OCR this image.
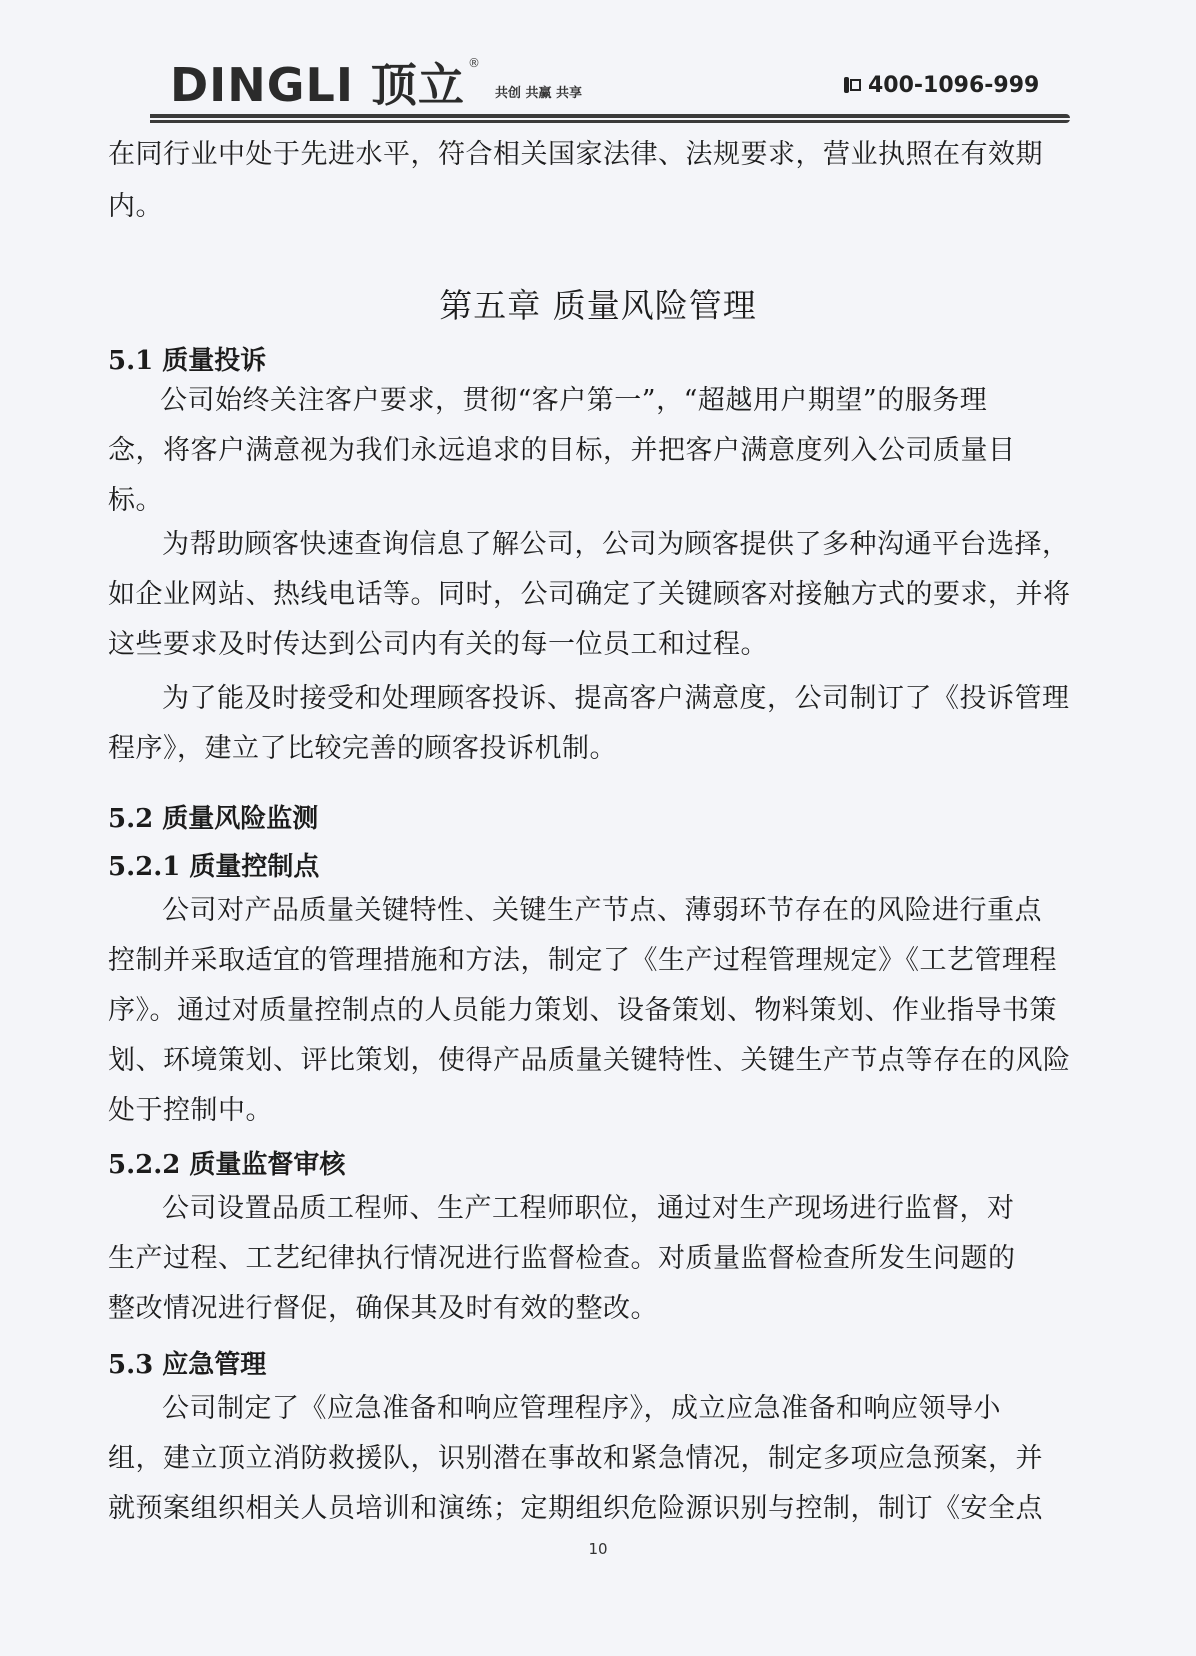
DINGLI 顶立 ®
共创 共赢 共享	400-1096-999
在同行业中处于先进水平，符合相关国家法律、法规要求，营业执照在有效期
内。
第五章 质量风险管理
5.1 质量投诉
公司始终关注客户要求，贯彻“客户第一”，“超越用户期望”的服务理
念，将客户满意视为我们永远追求的目标，并把客户满意度列入公司质量目
标。
为帮助顾客快速查询信息了解公司，公司为顾客提供了多种沟通平台选择，
如企业网站、热线电话等。同时，公司确定了关键顾客对接触方式的要求，并将
这些要求及时传达到公司内有关的每一位员工和过程。
为了能及时接受和处理顾客投诉、提高客户满意度，公司制订了《投诉管理
程序》，建立了比较完善的顾客投诉机制。
5.2 质量风险监测
5.2.1 质量控制点
公司对产品质量关键特性、关键生产节点、薄弱环节存在的风险进行重点
控制并采取适宜的管理措施和方法，制定了《生产过程管理规定》《工艺管理程
序》。通过对质量控制点的人员能力策划、设备策划、物料策划、作业指导书策
划、环境策划、评比策划，使得产品质量关键特性、关键生产节点等存在的风险
处于控制中。
5.2.2 质量监督审核
公司设置品质工程师、生产工程师职位，通过对生产现场进行监督，对
生产过程、工艺纪律执行情况进行监督检查。对质量监督检查所发生问题的
整改情况进行督促，确保其及时有效的整改。
5.3 应急管理
公司制定了《应急准备和响应管理程序》，成立应急准备和响应领导小
组，建立顶立消防救援队，识别潜在事故和紧急情况，制定多项应急预案，并
就预案组织相关人员培训和演练；定期组织危险源识别与控制，制订《安全点
10
